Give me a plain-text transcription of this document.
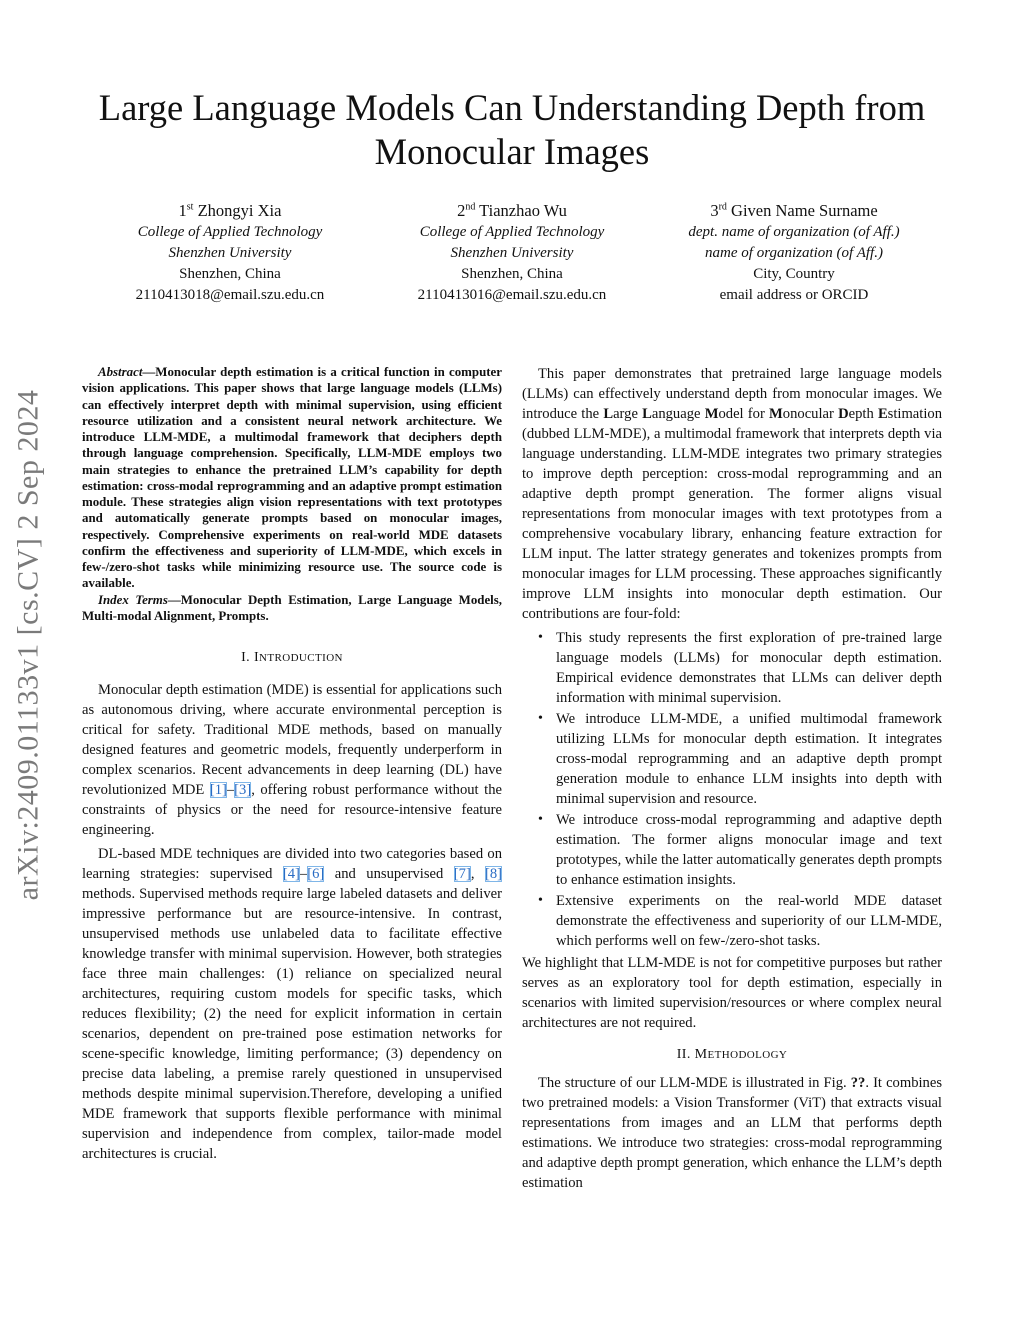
arXiv:2409.01133v1 [cs.CV] 2 Sep 2024
Large Language Models Can Understanding Depth from Monocular Images
1st Zhongyi Xia
College of Applied Technology
Shenzhen University
Shenzhen, China
2110413018@email.szu.edu.cn
2nd Tianzhao Wu
College of Applied Technology
Shenzhen University
Shenzhen, China
2110413016@email.szu.edu.cn
3rd Given Name Surname
dept. name of organization (of Aff.)
name of organization (of Aff.)
City, Country
email address or ORCID

Abstract—Monocular depth estimation is a critical function in computer vision applications. This paper shows that large language models (LLMs) can effectively interpret depth with minimal supervision, using efficient resource utilization and a consistent neural network architecture. We introduce LLM-MDE, a multimodal framework that deciphers depth through language comprehension. Specifically, LLM-MDE employs two main strategies to enhance the pretrained LLM’s capability for depth estimation: cross-modal reprogramming and an adaptive prompt estimation module. These strategies align vision representations with text prototypes and automatically generate prompts based on monocular images, respectively. Comprehensive experiments on real-world MDE datasets confirm the effectiveness and superiority of LLM-MDE, which excels in few-/zero-shot tasks while minimizing resource use. The source code is available.

Index Terms—Monocular Depth Estimation, Large Language Models, Multi-modal Alignment, Prompts.

I. INTRODUCTION

Monocular depth estimation (MDE) is essential for applications such as autonomous driving, where accurate environmental perception is critical for safety. Traditional MDE methods, based on manually designed features and geometric models, frequently underperform in complex scenarios. Recent advancements in deep learning (DL) have revolutionized MDE [1]–[3], offering robust performance without the constraints of physics or the need for resource-intensive feature engineering.

DL-based MDE techniques are divided into two categories based on learning strategies: supervised [4]–[6] and unsupervised [7], [8] methods. Supervised methods require large labeled datasets and deliver impressive performance but are resource-intensive. In contrast, unsupervised methods use unlabeled data to facilitate effective knowledge transfer with minimal supervision. However, both strategies face three main challenges: (1) reliance on specialized neural architectures, requiring custom models for specific tasks, which reduces flexibility; (2) the need for explicit information in certain scenarios, dependent on pre-trained pose estimation networks for scene-specific knowledge, limiting performance; (3) dependency on precise data labeling, a premise rarely questioned in unsupervised methods despite minimal supervision.Therefore, developing a unified MDE framework that supports flexible performance with minimal supervision and independence from complex, tailor-made model architectures is crucial.

This paper demonstrates that pretrained large language models (LLMs) can effectively understand depth from monocular images. We introduce the Large Language Model for Monocular Depth Estimation (dubbed LLM-MDE), a multimodal framework that interprets depth via language understanding. LLM-MDE integrates two primary strategies to improve depth perception: cross-modal reprogramming and an adaptive depth prompt generation. The former aligns visual representations from monocular images with text prototypes from a comprehensive vocabulary library, enhancing feature extraction for LLM input. The latter strategy generates and tokenizes prompts from monocular images for LLM processing. These approaches significantly improve LLM insights into monocular depth estimation. Our contributions are four-fold:

• This study represents the first exploration of pre-trained large language models (LLMs) for monocular depth estimation. Empirical evidence demonstrates that LLMs can deliver depth information with minimal supervision.
• We introduce LLM-MDE, a unified multimodal framework utilizing LLMs for monocular depth estimation. It integrates cross-modal reprogramming and an adaptive depth prompt generation module to enhance LLM insights into depth with minimal supervision and resource.
• We introduce cross-modal reprogramming and adaptive depth estimation. The former aligns monocular image and text prototypes, while the latter automatically generates depth prompts to enhance estimation insights.
• Extensive experiments on the real-world MDE dataset demonstrate the effectiveness and superiority of our LLM-MDE, which performs well on few-/zero-shot tasks.

We highlight that LLM-MDE is not for competitive purposes but rather serves as an exploratory tool for depth estimation, especially in scenarios with limited supervision/resources or where complex neural architectures are not required.

II. METHODOLOGY

The structure of our LLM-MDE is illustrated in Fig. ??. It combines two pretrained models: a Vision Transformer (ViT) that extracts visual representations from images and an LLM that performs depth estimations. We introduce two strategies: cross-modal reprogramming and adaptive depth prompt generation, which enhance the LLM’s depth estimation
